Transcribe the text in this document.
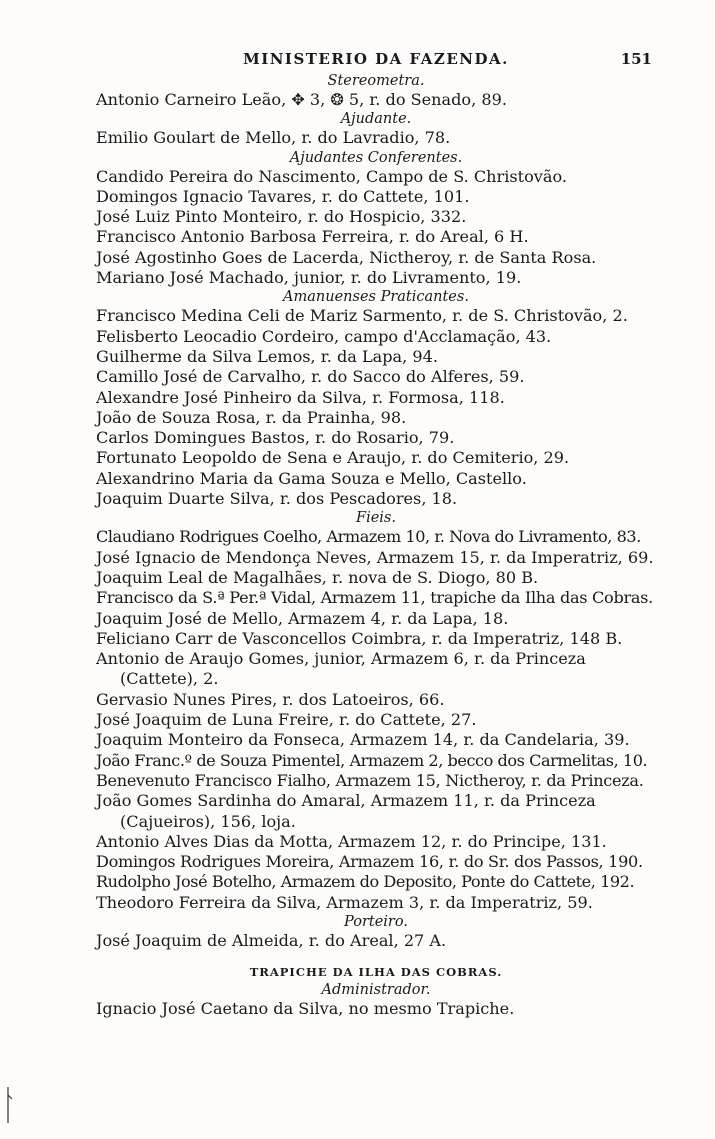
MINISTERIO DA FAZENDA.	151
Stereometra.
Antonio Carneiro Leão, ✥ 3, ❂ 5, r. do Senado, 89.
Ajudante.
Emilio Goulart de Mello, r. do Lavradio, 78.
Ajudantes Conferentes.
Candido Pereira do Nascimento, Campo de S. Christovão.
Domingos Ignacio Tavares, r. do Cattete, 101.
José Luiz Pinto Monteiro, r. do Hospicio, 332.
Francisco Antonio Barbosa Ferreira, r. do Areal, 6 H.
José Agostinho Goes de Lacerda, Nictheroy, r. de Santa Rosa.
Mariano José Machado, junior, r. do Livramento, 19.
Amanuenses Praticantes.
Francisco Medina Celi de Mariz Sarmento, r. de S. Christovão, 2.
Felisberto Leocadio Cordeiro, campo d'Acclamação, 43.
Guilherme da Silva Lemos, r. da Lapa, 94.
Camillo José de Carvalho, r. do Sacco do Alferes, 59.
Alexandre José Pinheiro da Silva, r. Formosa, 118.
João de Souza Rosa, r. da Prainha, 98.
Carlos Domingues Bastos, r. do Rosario, 79.
Fortunato Leopoldo de Sena e Araujo, r. do Cemiterio, 29.
Alexandrino Maria da Gama Souza e Mello, Castello.
Joaquim Duarte Silva, r. dos Pescadores, 18.
Fieis.
Claudiano Rodrigues Coelho, Armazem 10, r. Nova do Livramento, 83.
José Ignacio de Mendonça Neves, Armazem 15, r. da Imperatriz, 69.
Joaquim Leal de Magalhães, r. nova de S. Diogo, 80 B.
Francisco da S.ª Per.ª Vidal, Armazem 11, trapiche da Ilha das Cobras.
Joaquim José de Mello, Armazem 4, r. da Lapa, 18.
Feliciano Carr de Vasconcellos Coimbra, r. da Imperatriz, 148 B.
Antonio de Araujo Gomes, junior, Armazem 6, r. da Princeza (Cattete), 2.
Gervasio Nunes Pires, r. dos Latoeiros, 66.
José Joaquim de Luna Freire, r. do Cattete, 27.
Joaquim Monteiro da Fonseca, Armazem 14, r. da Candelaria, 39.
João Franc.º de Souza Pimentel, Armazem 2, becco dos Carmelitas, 10.
Benevenuto Francisco Fialho, Armazem 15, Nictheroy, r. da Princeza.
João Gomes Sardinha do Amaral, Armazem 11, r. da Princeza (Cajueiros), 156, loja.
Antonio Alves Dias da Motta, Armazem 12, r. do Principe, 131.
Domingos Rodrigues Moreira, Armazem 16, r. do Sr. dos Passos, 190.
Rudolpho José Botelho, Armazem do Deposito, Ponte do Cattete, 192.
Theodoro Ferreira da Silva, Armazem 3, r. da Imperatriz, 59.
Porteiro.
José Joaquim de Almeida, r. do Areal, 27 A.
TRAPICHE DA ILHA DAS COBRAS.
Administrador.
Ignacio José Caetano da Silva, no mesmo Trapiche.
